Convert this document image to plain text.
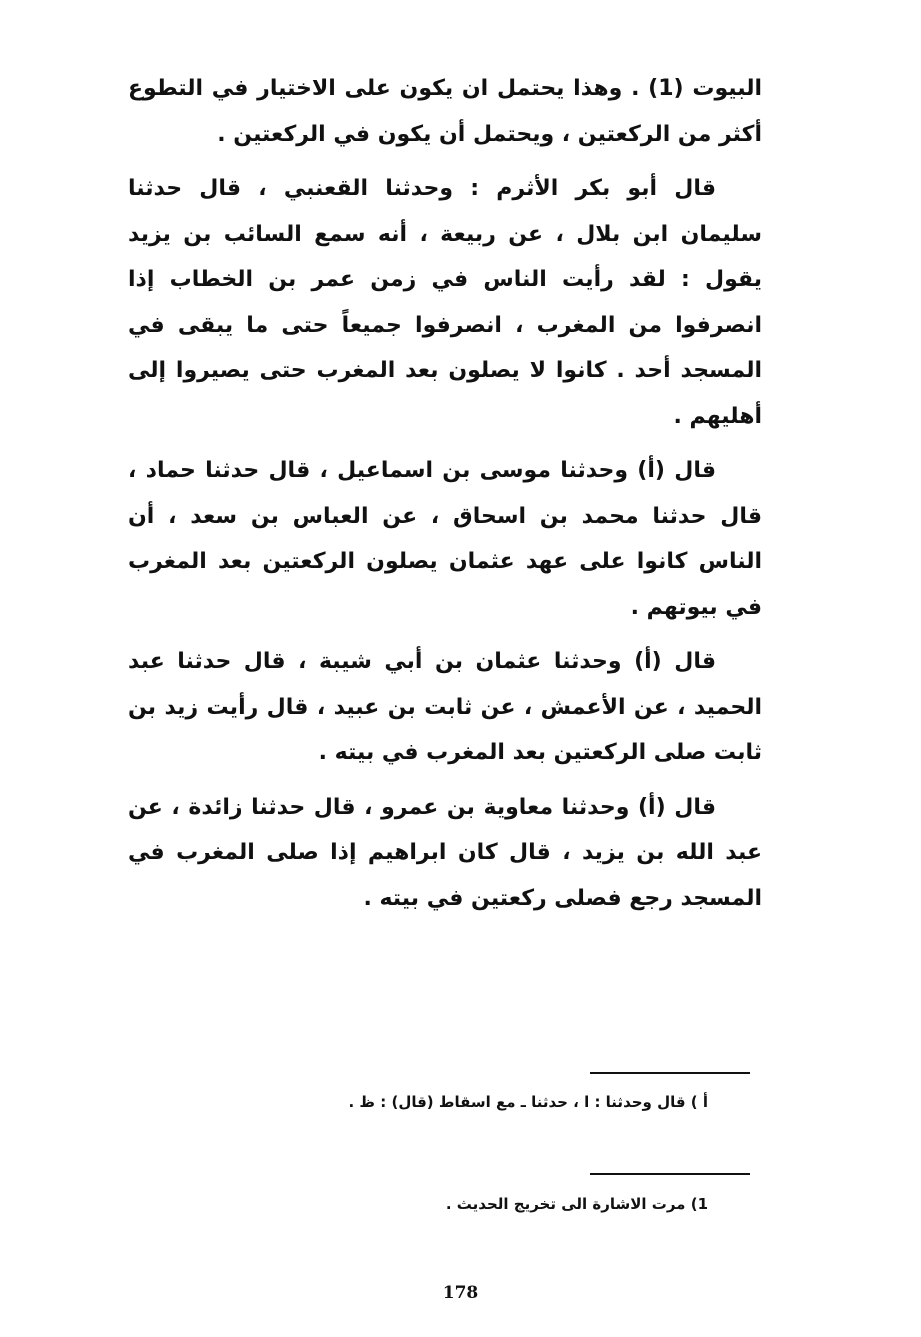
البيوت (1) . وهذا يحتمل ان يكون على الاختيار في التطوع أكثر من الركعتين ، ويحتمل أن يكون في الركعتين .

قال أبو بكر الأثرم : وحدثنا القعنبي ، قال حدثنا سليمان ابن بلال ، عن ربيعة ، أنه سمع السائب بن يزيد يقول : لقد رأيت الناس في زمن عمر بن الخطاب إذا انصرفوا من المغرب ، انصرفوا جميعاً حتى ما يبقى في المسجد أحد . كانوا لا يصلون بعد المغرب حتى يصيروا إلى أهليهم .

قال (أ) وحدثنا موسى بن اسماعيل ، قال حدثنا حماد ، قال حدثنا محمد بن اسحاق ، عن العباس بن سعد ، أن الناس كانوا على عهد عثمان يصلون الركعتين بعد المغرب في بيوتهم .

قال (أ) وحدثنا عثمان بن أبي شيبة ، قال حدثنا عبد الحميد ، عن الأعمش ، عن ثابت بن عبيد ، قال رأيت زيد بن ثابت صلى الركعتين بعد المغرب في بيته .

قال (أ) وحدثنا معاوية بن عمرو ، قال حدثنا زائدة ، عن عبد الله بن يزيد ، قال كان ابراهيم إذا صلى المغرب في المسجد رجع فصلى ركعتين في بيته .

أ ) قال وحدثنا : ا ، حدثنا ـ مع اسقاط (قال) : ظ .
1) مرت الاشارة الى تخريج الحديث .
178
